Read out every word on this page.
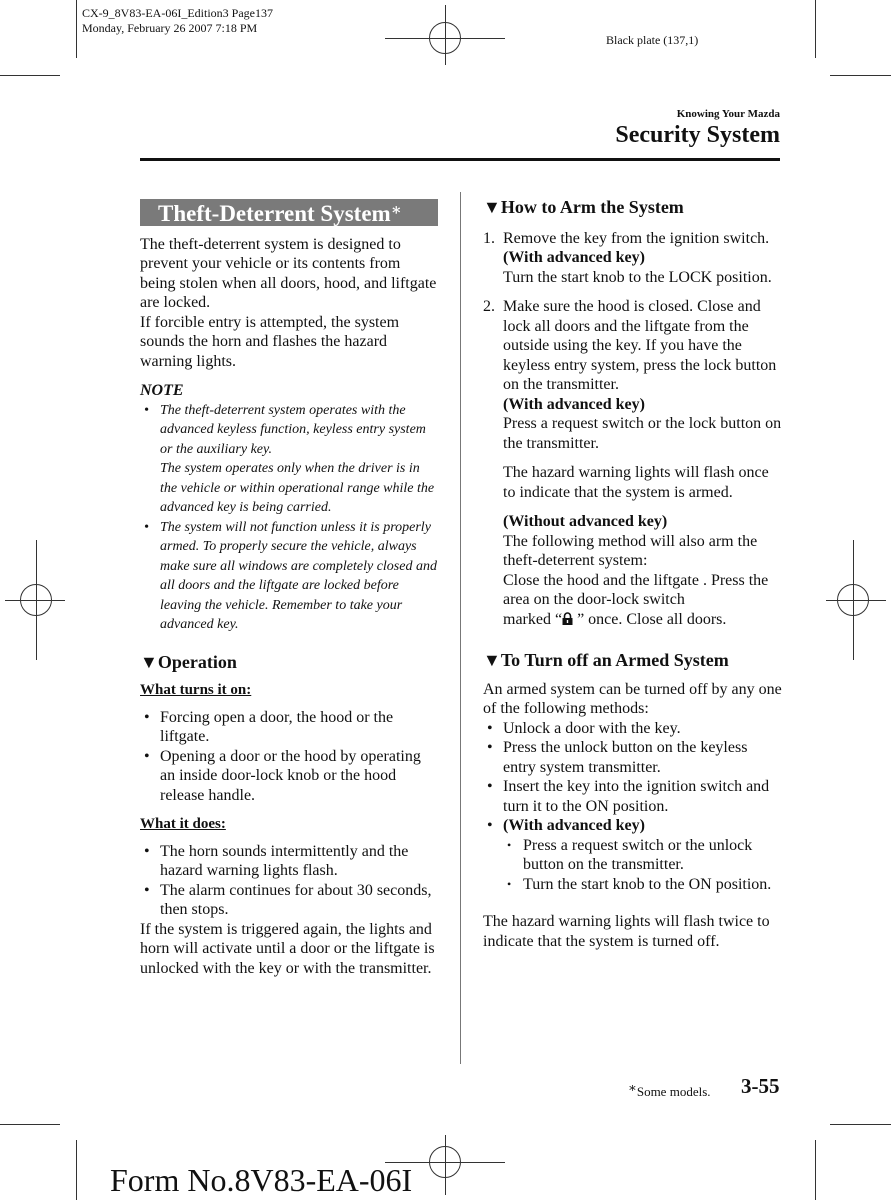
CX-9_8V83-EA-06I_Edition3 Page137
Monday, February 26 2007 7:18 PM
Black plate (137,1)
Knowing Your Mazda
Security System
Theft-Deterrent System∗

The theft-deterrent system is designed to prevent your vehicle or its contents from being stolen when all doors, hood, and liftgate are locked.

If forcible entry is attempted, the system sounds the horn and flashes the hazard warning lights.

NOTE
• The theft-deterrent system operates with the advanced keyless function, keyless entry system or the auxiliary key.
The system operates only when the driver is in the vehicle or within operational range while the advanced key is being carried.
• The system will not function unless it is properly armed. To properly secure the vehicle, always make sure all windows are completely closed and all doors and the liftgate are locked before leaving the vehicle. Remember to take your advanced key.
▼Operation
What turns it on:
• Forcing open a door, the hood or the liftgate.
• Opening a door or the hood by operating an inside door-lock knob or the hood release handle.
What it does:
• The horn sounds intermittently and the hazard warning lights flash.
• The alarm continues for about 30 seconds, then stops.

If the system is triggered again, the lights and horn will activate until a door or the liftgate is unlocked with the key or with the transmitter.

▼How to Arm the System
1. Remove the key from the ignition switch.

(With advanced key)

Turn the start knob to the LOCK position.

2. Make sure the hood is closed. Close and lock all doors and the liftgate from the outside using the key. If you have the keyless entry system, press the lock button on the transmitter.

(With advanced key)

Press a request switch or the lock button on the transmitter.

The hazard warning lights will flash once to indicate that the system is armed.

(Without advanced key)

The following method will also arm the theft-deterrent system:

Close the hood and the liftgate . Press the area on the door-lock switch

marked “ ” once. Close all doors.

▼To Turn off an Armed System

An armed system can be turned off by any one of the following methods:

• Unlock a door with the key.
• Press the unlock button on the keyless entry system transmitter.
• Insert the key into the ignition switch and turn it to the ON position.
• (With advanced key)
• Press a request switch or the unlock button on the transmitter.
• Turn the start knob to the ON position.

The hazard warning lights will flash twice to indicate that the system is turned off.

∗Some models. 3-55
Form No.8V83-EA-06I
